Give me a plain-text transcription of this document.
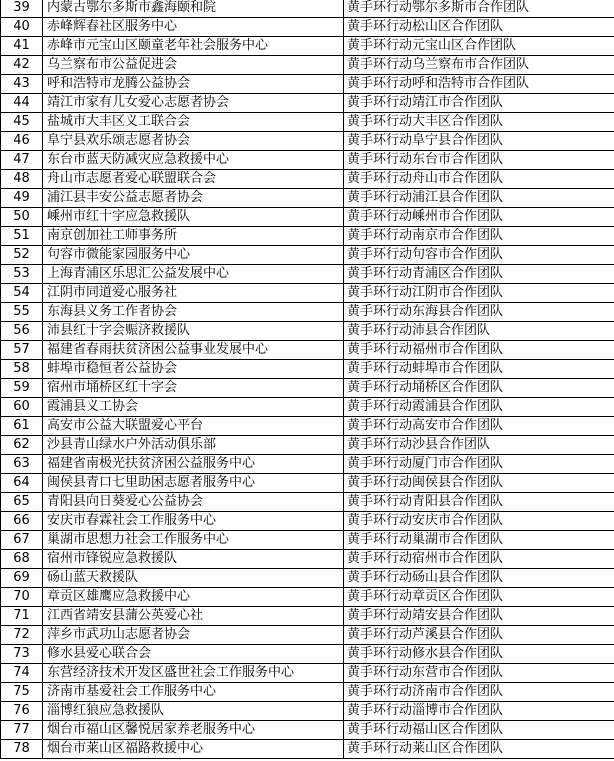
39	内蒙古鄂尔多斯市鑫海颐和院	黄手环行动鄂尔多斯市合作团队
40	赤峰辉春社区服务中心	黄手环行动松山区合作团队
41	赤峰市元宝山区颐童老年社会服务中心	黄手环行动元宝山区合作团队
42	乌兰察布市公益促进会	黄手环行动乌兰察布市合作团队
43	呼和浩特市龙腾公益协会	黄手环行动呼和浩特市合作团队
44	靖江市家有儿女爱心志愿者协会	黄手环行动靖江市合作团队
45	盐城市大丰区义工联合会	黄手环行动大丰区合作团队
46	阜宁县欢乐颂志愿者协会	黄手环行动阜宁县合作团队
47	东台市蓝天防减灾应急救援中心	黄手环行动东台市合作团队
48	舟山市志愿者爱心联盟联合会	黄手环行动舟山市合作团队
49	浦江县丰安公益志愿者协会	黄手环行动浦江县合作团队
50	嵊州市红十字应急救援队	黄手环行动嵊州市合作团队
51	南京创加社工师事务所	黄手环行动南京市合作团队
52	句容市微能家园服务中心	黄手环行动句容市合作团队
53	上海青浦区乐思汇公益发展中心	黄手环行动青浦区合作团队
54	江阴市同道爱心服务社	黄手环行动江阴市合作团队
55	东海县义务工作者协会	黄手环行动东海县合作团队
56	沛县红十字会赈济救援队	黄手环行动沛县合作团队
57	福建省春雨扶贫济困公益事业发展中心	黄手环行动福州市合作团队
58	蚌埠市稳恒者公益协会	黄手环行动蚌埠市合作团队
59	宿州市埇桥区红十字会	黄手环行动埇桥区合作团队
60	霞浦县义工协会	黄手环行动霞浦县合作团队
61	高安市公益大联盟爱心平台	黄手环行动高安市合作团队
62	沙县青山绿水户外活动俱乐部	黄手环行动沙县合作团队
63	福建省南极光扶贫济困公益服务中心	黄手环行动厦门市合作团队
64	闽侯县青口七里助困志愿者服务中心	黄手环行动闽侯县合作团队
65	青阳县向日葵爱心公益协会	黄手环行动青阳县合作团队
66	安庆市春霖社会工作服务中心	黄手环行动安庆市合作团队
67	巢湖市思想力社会工作服务中心	黄手环行动巢湖市合作团队
68	宿州市锋锐应急救援队	黄手环行动宿州市合作团队
69	砀山蓝天救援队	黄手环行动砀山县合作团队
70	章贡区雄鹰应急救援中心	黄手环行动章贡区合作团队
71	江西省靖安县蒲公英爱心社	黄手环行动靖安县合作团队
72	萍乡市武功山志愿者协会	黄手环行动芦溪县合作团队
73	修水县爱心联合会	黄手环行动修水县合作团队
74	东营经济技术开发区盛世社会工作服务中心	黄手环行动东营市合作团队
75	济南市基爱社会工作服务中心	黄手环行动济南市合作团队
76	淄博红狼应急救援队	黄手环行动淄博市合作团队
77	烟台市福山区馨悦居家养老服务中心	黄手环行动福山区合作团队
78	烟台市莱山区福路救援中心	黄手环行动莱山区合作团队
